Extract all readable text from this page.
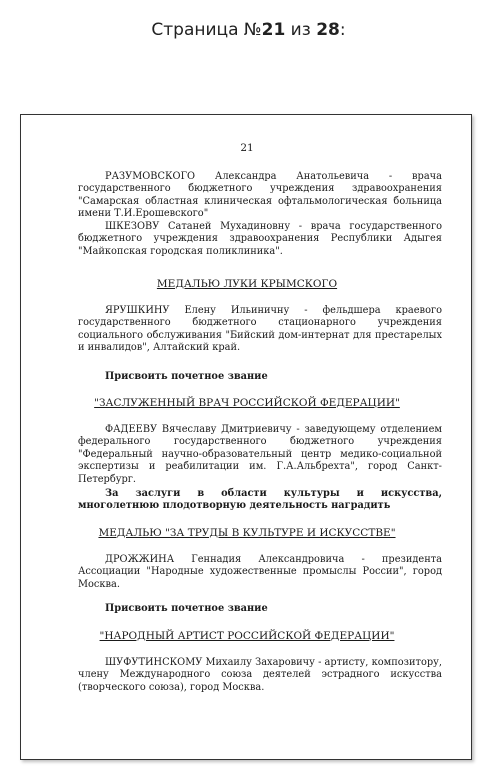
Страница №21 из 28:
21
РАЗУМОВСКОГО Александра Анатольевича - врача государственного бюджетного учреждения здравоохранения "Самарская областная клиническая офтальмологическая больница имени Т.И.Ерошевского"
ШКЕЗОВУ Сатаней Мухадиновну - врача государственного бюджетного учреждения здравоохранения Республики Адыгея "Майкопская городская поликлиника".
МЕДАЛЬЮ ЛУКИ КРЫМСКОГО
ЯРУШКИНУ Елену Ильиничну - фельдшера краевого государственного бюджетного стационарного учреждения социального обслуживания "Бийский дом-интернат для престарелых и инвалидов", Алтайский край.
Присвоить почетное звание
"ЗАСЛУЖЕННЫЙ ВРАЧ РОССИЙСКОЙ ФЕДЕРАЦИИ"
ФАДЕЕВУ Вячеславу Дмитриевичу - заведующему отделением федерального государственного бюджетного учреждения "Федеральный научно-образовательный центр медико-социальной экспертизы и реабилитации им. Г.А.Альбрехта", город Санкт-Петербург.
За заслуги в области культуры и искусства, многолетнюю плодотворную деятельность наградить
МЕДАЛЬЮ "ЗА ТРУДЫ В КУЛЬТУРЕ И ИСКУССТВЕ"
ДРОЖЖИНА Геннадия Александровича - президента Ассоциации "Народные художественные промыслы России", город Москва.
Присвоить почетное звание
"НАРОДНЫЙ АРТИСТ РОССИЙСКОЙ ФЕДЕРАЦИИ"
ШУФУТИНСКОМУ Михаилу Захаровичу - артисту, композитору, члену Международного союза деятелей эстрадного искусства (творческого союза), город Москва.
